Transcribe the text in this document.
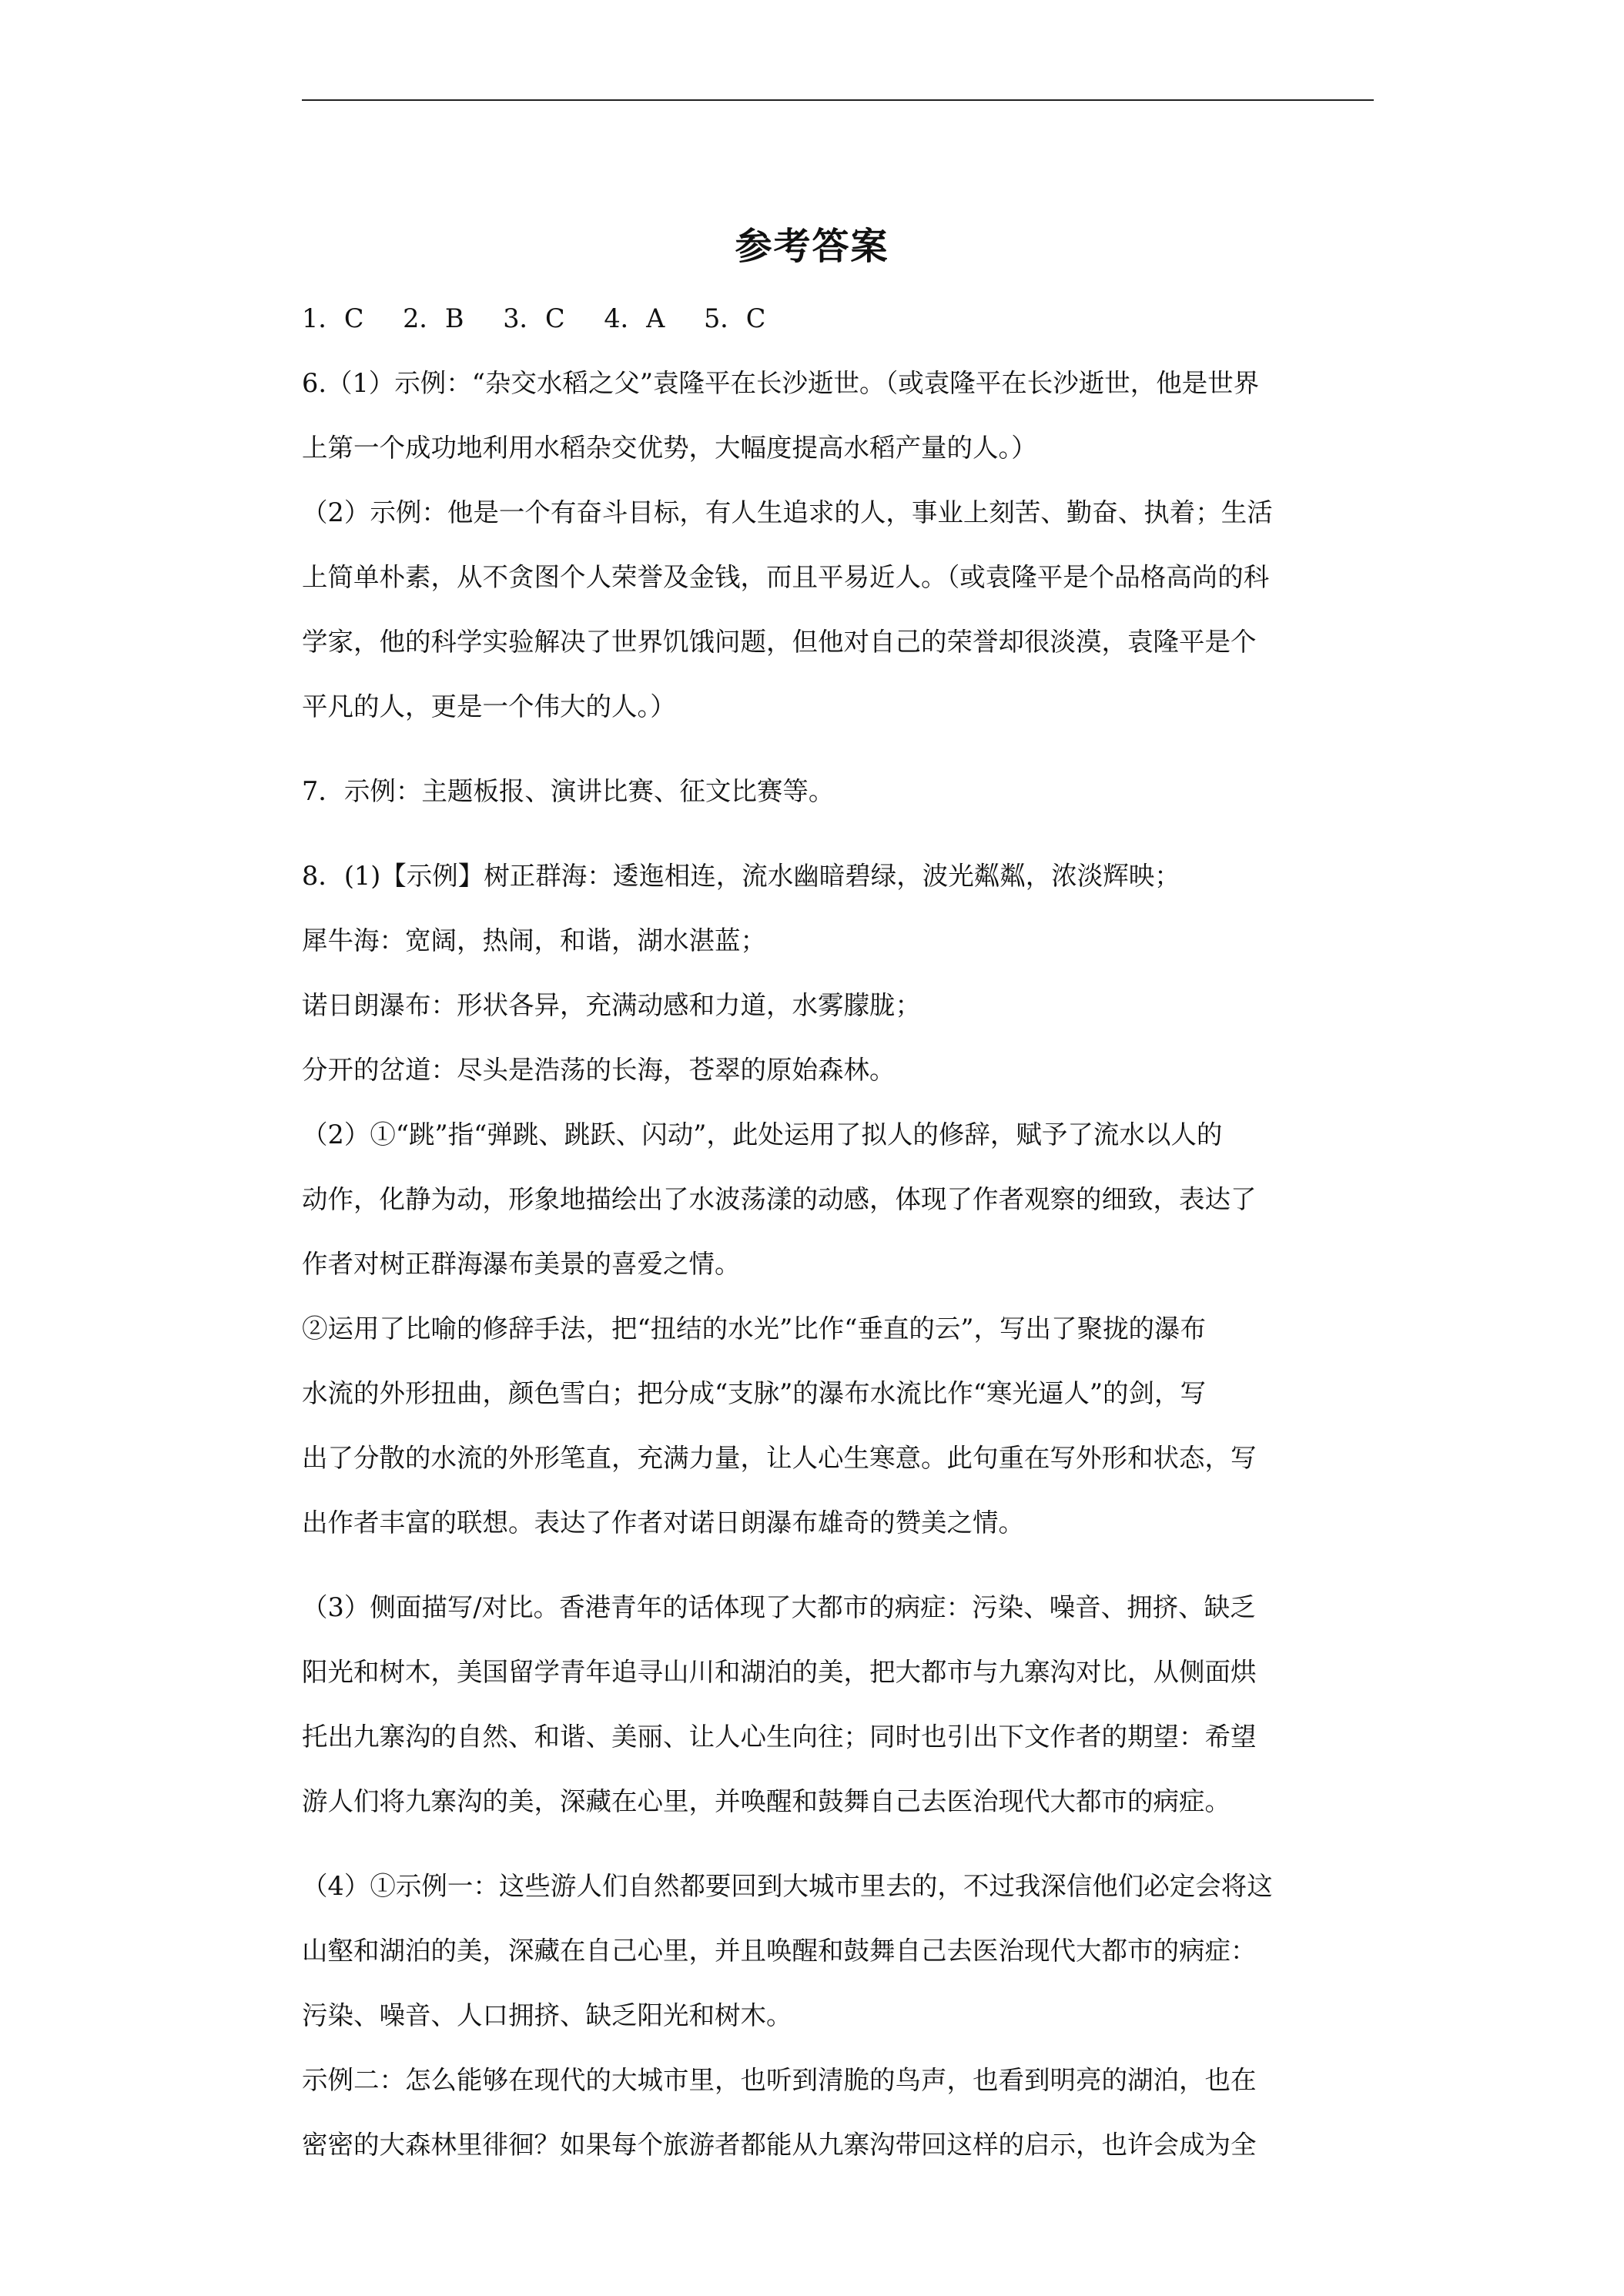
参考答案

1．C 2．B 3．C 4．A 5．C

6.（1）示例：“杂交水稻之父”袁隆平在长沙逝世。（或袁隆平在长沙逝世，他是世界

上第一个成功地利用水稻杂交优势，大幅度提高水稻产量的人。）

（2）示例：他是一个有奋斗目标，有人生追求的人，事业上刻苦、勤奋、执着；生活

上简单朴素，从不贪图个人荣誉及金钱，而且平易近人。（或袁隆平是个品格高尚的科

学家，他的科学实验解决了世界饥饿问题，但他对自己的荣誉却很淡漠，袁隆平是个

平凡的人，更是一个伟大的人。）

7．示例：主题板报、演讲比赛、征文比赛等。

8．(1)【示例】树正群海：逶迤相连，流水幽暗碧绿，波光粼粼，浓淡辉映；

犀牛海：宽阔，热闹，和谐，湖水湛蓝；

诺日朗瀑布：形状各异，充满动感和力道，水雾朦胧；

分开的岔道：尽头是浩荡的长海，苍翠的原始森林。

（2）①“跳”指“弹跳、跳跃、闪动”，此处运用了拟人的修辞，赋予了流水以人的

动作，化静为动，形象地描绘出了水波荡漾的动感，体现了作者观察的细致，表达了

作者对树正群海瀑布美景的喜爱之情。

②运用了比喻的修辞手法，把“扭结的水光”比作“垂直的云”，写出了聚拢的瀑布

水流的外形扭曲，颜色雪白；把分成“支脉”的瀑布水流比作“寒光逼人”的剑，写

出了分散的水流的外形笔直，充满力量，让人心生寒意。此句重在写外形和状态，写

出作者丰富的联想。表达了作者对诺日朗瀑布雄奇的赞美之情。

（3）侧面描写/对比。香港青年的话体现了大都市的病症：污染、噪音、拥挤、缺乏

阳光和树木，美国留学青年追寻山川和湖泊的美，把大都市与九寨沟对比，从侧面烘

托出九寨沟的自然、和谐、美丽、让人心生向往；同时也引出下文作者的期望：希望

游人们将九寨沟的美，深藏在心里，并唤醒和鼓舞自己去医治现代大都市的病症。

（4）①示例一：这些游人们自然都要回到大城市里去的，不过我深信他们必定会将这

山壑和湖泊的美，深藏在自己心里，并且唤醒和鼓舞自己去医治现代大都市的病症：

污染、噪音、人口拥挤、缺乏阳光和树木。

示例二：怎么能够在现代的大城市里，也听到清脆的鸟声，也看到明亮的湖泊，也在

密密的大森林里徘徊？如果每个旅游者都能从九寨沟带回这样的启示，也许会成为全
